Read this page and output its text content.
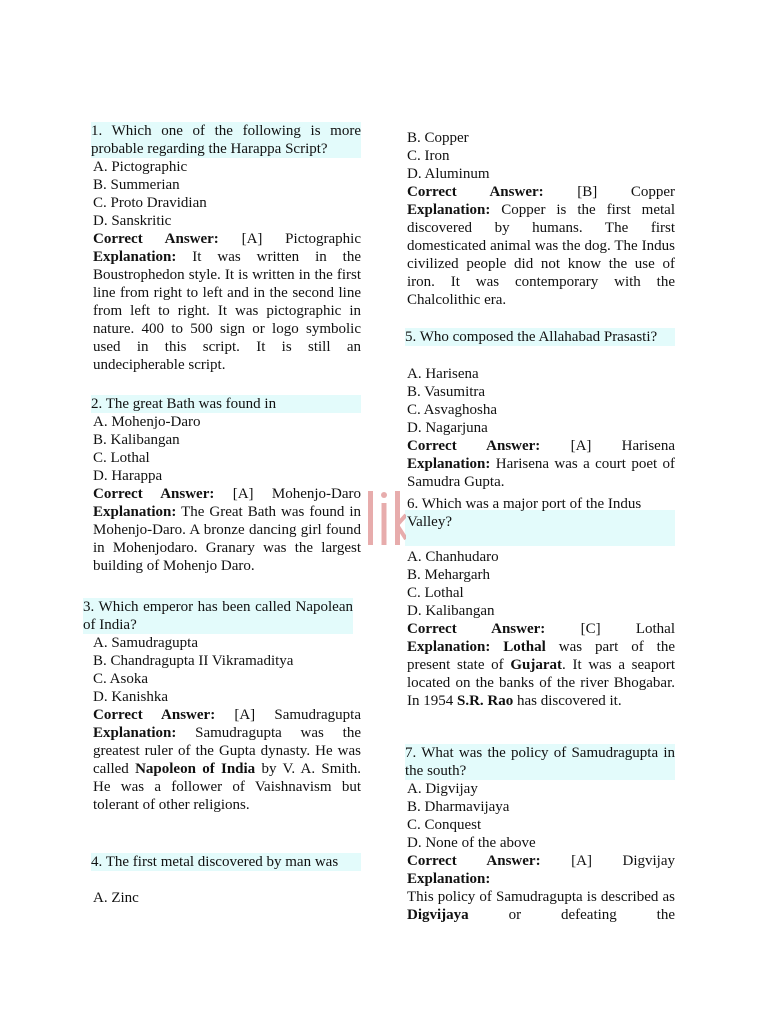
1. Which one of the following is more probable regarding the Harappa Script?
A. Pictographic
B. Summerian
C. Proto Dravidian
D. Sanskritic
Correct Answer: [A] Pictographic
Explanation: It was written in the Boustrophedon style. It is written in the first line from right to left and in the second line from left to right. It was pictographic in nature. 400 to 500 sign or logo symbolic used in this script. It is still an undecipherable script.
2. The great Bath was found in
A. Mohenjo-Daro
B. Kalibangan
C. Lothal
D. Harappa
Correct Answer: [A] Mohenjo-Daro
Explanation: The Great Bath was found in Mohenjo-Daro. A bronze dancing girl found in Mohenjodaro. Granary was the largest building of Mohenjo Daro.
3. Which emperor has been called Napolean of India?
A. Samudragupta
B. Chandragupta II Vikramaditya
C. Asoka
D. Kanishka
Correct Answer: [A] Samudragupta
Explanation: Samudragupta was the greatest ruler of the Gupta dynasty. He was called Napoleon of India by V. A. Smith. He was a follower of Vaishnavism but tolerant of other religions.
4. The first metal discovered by man was
A. Zinc
B. Copper
C. Iron
D. Aluminum
Correct Answer: [B] Copper
Explanation: Copper is the first metal discovered by humans. The first domesticated animal was the dog. The Indus civilized people did not know the use of iron. It was contemporary with the Chalcolithic era.
5. Who composed the Allahabad Prasasti?
A. Harisena
B. Vasumitra
C. Asvaghosha
D. Nagarjuna
Correct Answer: [A] Harisena
Explanation: Harisena was a court poet of Samudra Gupta.
6. Which was a major port of the Indus Valley?
A. Chanhudaro
B. Mehargarh
C. Lothal
D. Kalibangan
Correct Answer: [C] Lothal
Explanation: Lothal was part of the present state of Gujarat. It was a seaport located on the banks of the river Bhogabar. In 1954 S.R. Rao has discovered it.
7. What was the policy of Samudragupta in the south?
A. Digvijay
B. Dharmavijaya
C. Conquest
D. None of the above
Correct Answer: [A] Digvijay
Explanation:
This policy of Samudragupta is described as Digvijaya	or defeating the
